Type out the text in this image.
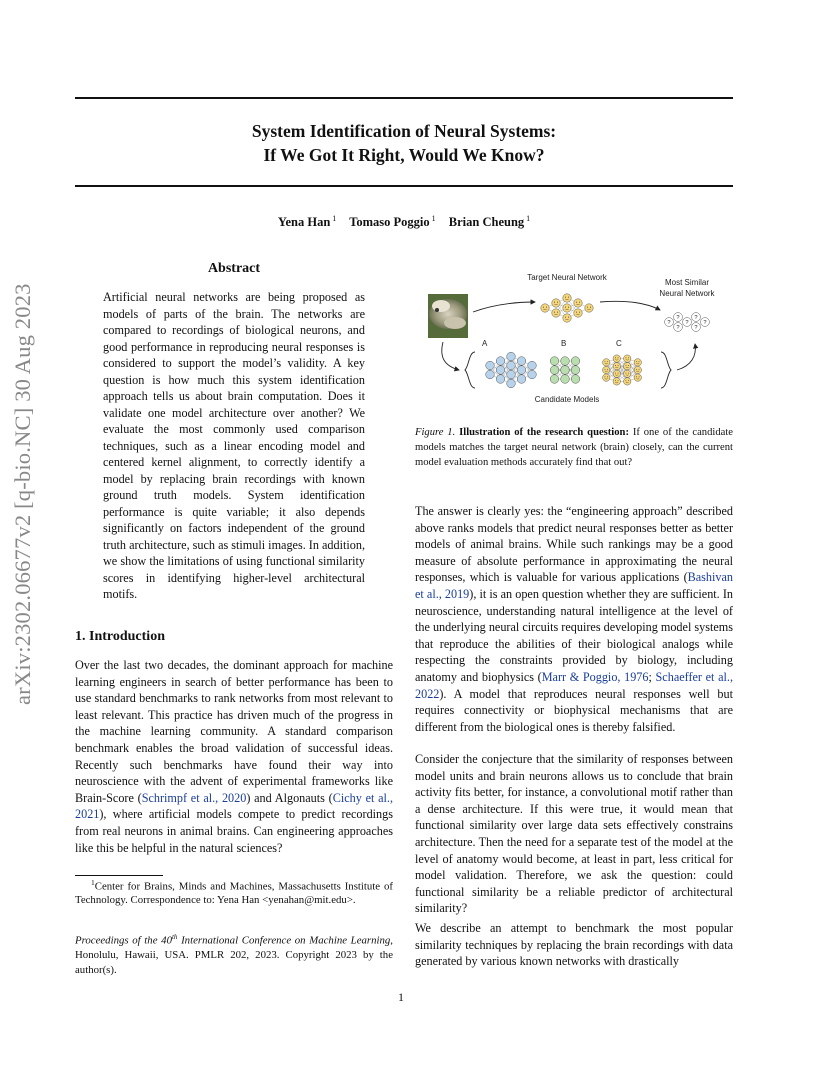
arXiv:2302.06677v2 [q-bio.NC] 30 Aug 2023
System Identification of Neural Systems:
If We Got It Right, Would We Know?
Yena Han $^1$ Tomaso Poggio $^1$ Brian Cheung $^1$
Abstract
Artificial neural networks are being proposed as models of parts of the brain. The networks are compared to recordings of biological neurons, and good performance in reproducing neural responses is considered to support the model’s validity. A key question is how much this system identification approach tells us about brain computation. Does it validate one model architecture over another? We evaluate the most commonly used comparison techniques, such as a linear encoding model and centered kernel alignment, to correctly identify a model by replacing brain recordings with known ground truth models. System identification performance is quite variable; it also depends significantly on factors independent of the ground truth architecture, such as stimuli images. In addition, we show the limitations of using functional similarity scores in identifying higher-level architectural motifs.
1. Introduction
Over the last two decades, the dominant approach for machine learning engineers in search of better performance has been to use standard benchmarks to rank networks from most relevant to least relevant. This practice has driven much of the progress in the machine learning community. A standard comparison benchmark enables the broad validation of successful ideas. Recently such benchmarks have found their way into neuroscience with the advent of experimental frameworks like Brain-Score (Schrimpf et al., 2020) and Algonauts (Cichy et al., 2021), where artificial models compete to predict recordings from real neurons in animal brains. Can engineering approaches like this be helpful in the natural sciences?
$^1$Center for Brains, Minds and Machines, Massachusetts Institute of Technology. Correspondence to: Yena Han <yenahan@mit.edu>.
Proceedings of the 40th International Conference on Machine Learning, Honolulu, Hawaii, USA. PMLR 202, 2023. Copyright 2023 by the author(s).
1
Target Neural Network
Most Similar
Neural Network
?
?
?
?
?
?
?
A	B	C
Candidate Models
Figure 1. Illustration of the research question: If one of the candidate models matches the target neural network (brain) closely, can the current model evaluation methods accurately find that out?
The answer is clearly yes: the “engineering approach” described above ranks models that predict neural responses better as better models of animal brains. While such rankings may be a good measure of absolute performance in approximating the neural responses, which is valuable for various applications (Bashivan et al., 2019), it is an open question whether they are sufficient. In neuroscience, understanding natural intelligence at the level of the underlying neural circuits requires developing model systems that reproduce the abilities of their biological analogs while respecting the constraints provided by biology, including anatomy and biophysics (Marr & Poggio, 1976; Schaeffer et al., 2022). A model that reproduces neural responses well but requires connectivity or biophysical mechanisms that are different from the biological ones is thereby falsified.
Consider the conjecture that the similarity of responses between model units and brain neurons allows us to conclude that brain activity fits better, for instance, a convolutional motif rather than a dense architecture. If this were true, it would mean that functional similarity over large data sets effectively constrains architecture. Then the need for a separate test of the model at the level of anatomy would become, at least in part, less critical for model validation. Therefore, we ask the question: could functional similarity be a reliable predictor of architectural similarity?
We describe an attempt to benchmark the most popular similarity techniques by replacing the brain recordings with data generated by various known networks with drastically
